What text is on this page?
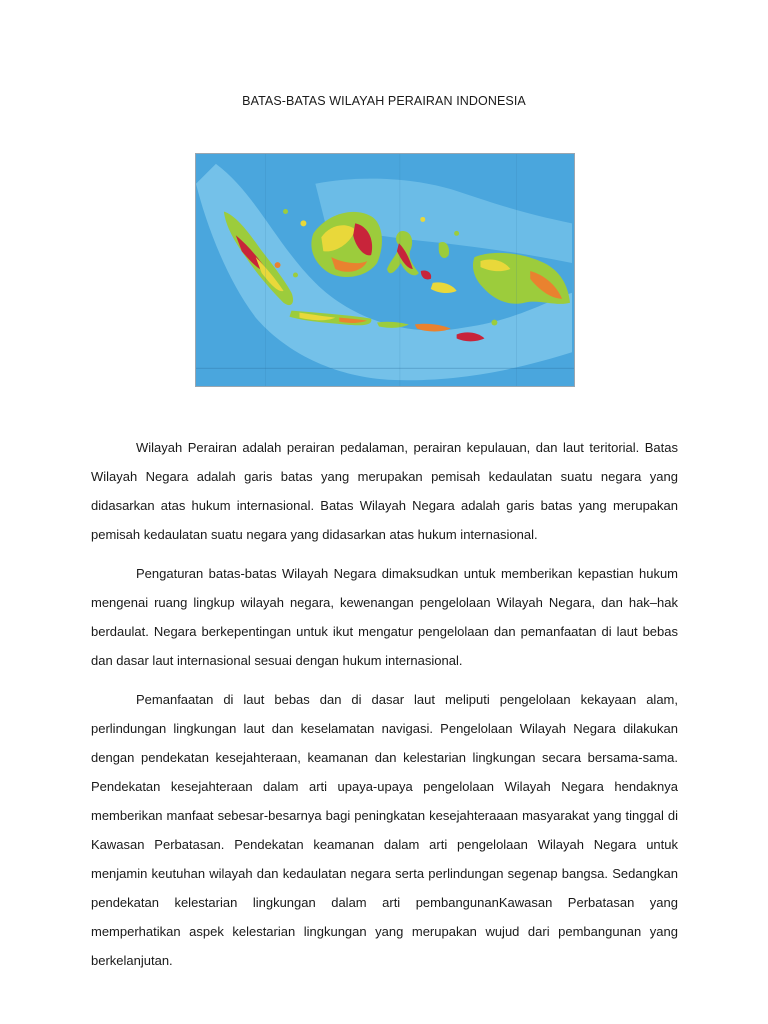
BATAS-BATAS WILAYAH PERAIRAN INDONESIA

Wilayah Perairan adalah perairan pedalaman, perairan kepulauan, dan laut teritorial. Batas Wilayah Negara adalah garis batas yang merupakan pemisah kedaulatan suatu negara yang didasarkan atas hukum internasional. Batas Wilayah Negara adalah garis batas yang merupakan pemisah kedaulatan suatu negara yang didasarkan atas hukum internasional.

Pengaturan batas-batas Wilayah Negara dimaksudkan untuk memberikan kepastian hukum mengenai ruang lingkup wilayah negara, kewenangan pengelolaan Wilayah Negara, dan hak–hak berdaulat. Negara berkepentingan untuk ikut mengatur pengelolaan dan pemanfaatan di laut bebas dan dasar laut internasional sesuai dengan hukum internasional.

Pemanfaatan di laut bebas dan di dasar laut meliputi pengelolaan kekayaan alam, perlindungan lingkungan laut dan keselamatan navigasi. Pengelolaan Wilayah Negara dilakukan dengan pendekatan kesejahteraan, keamanan dan kelestarian lingkungan secara bersama-sama. Pendekatan kesejahteraan dalam arti upaya-upaya pengelolaan Wilayah Negara hendaknya memberikan manfaat sebesar-besarnya bagi peningkatan kesejahteraaan masyarakat yang tinggal di Kawasan Perbatasan. Pendekatan keamanan dalam arti pengelolaan Wilayah Negara untuk menjamin keutuhan wilayah dan kedaulatan negara serta perlindungan segenap bangsa. Sedangkan pendekatan kelestarian lingkungan dalam arti pembangunanKawasan Perbatasan yang memperhatikan aspek kelestarian lingkungan yang merupakan wujud dari pembangunan yang berkelanjutan.
